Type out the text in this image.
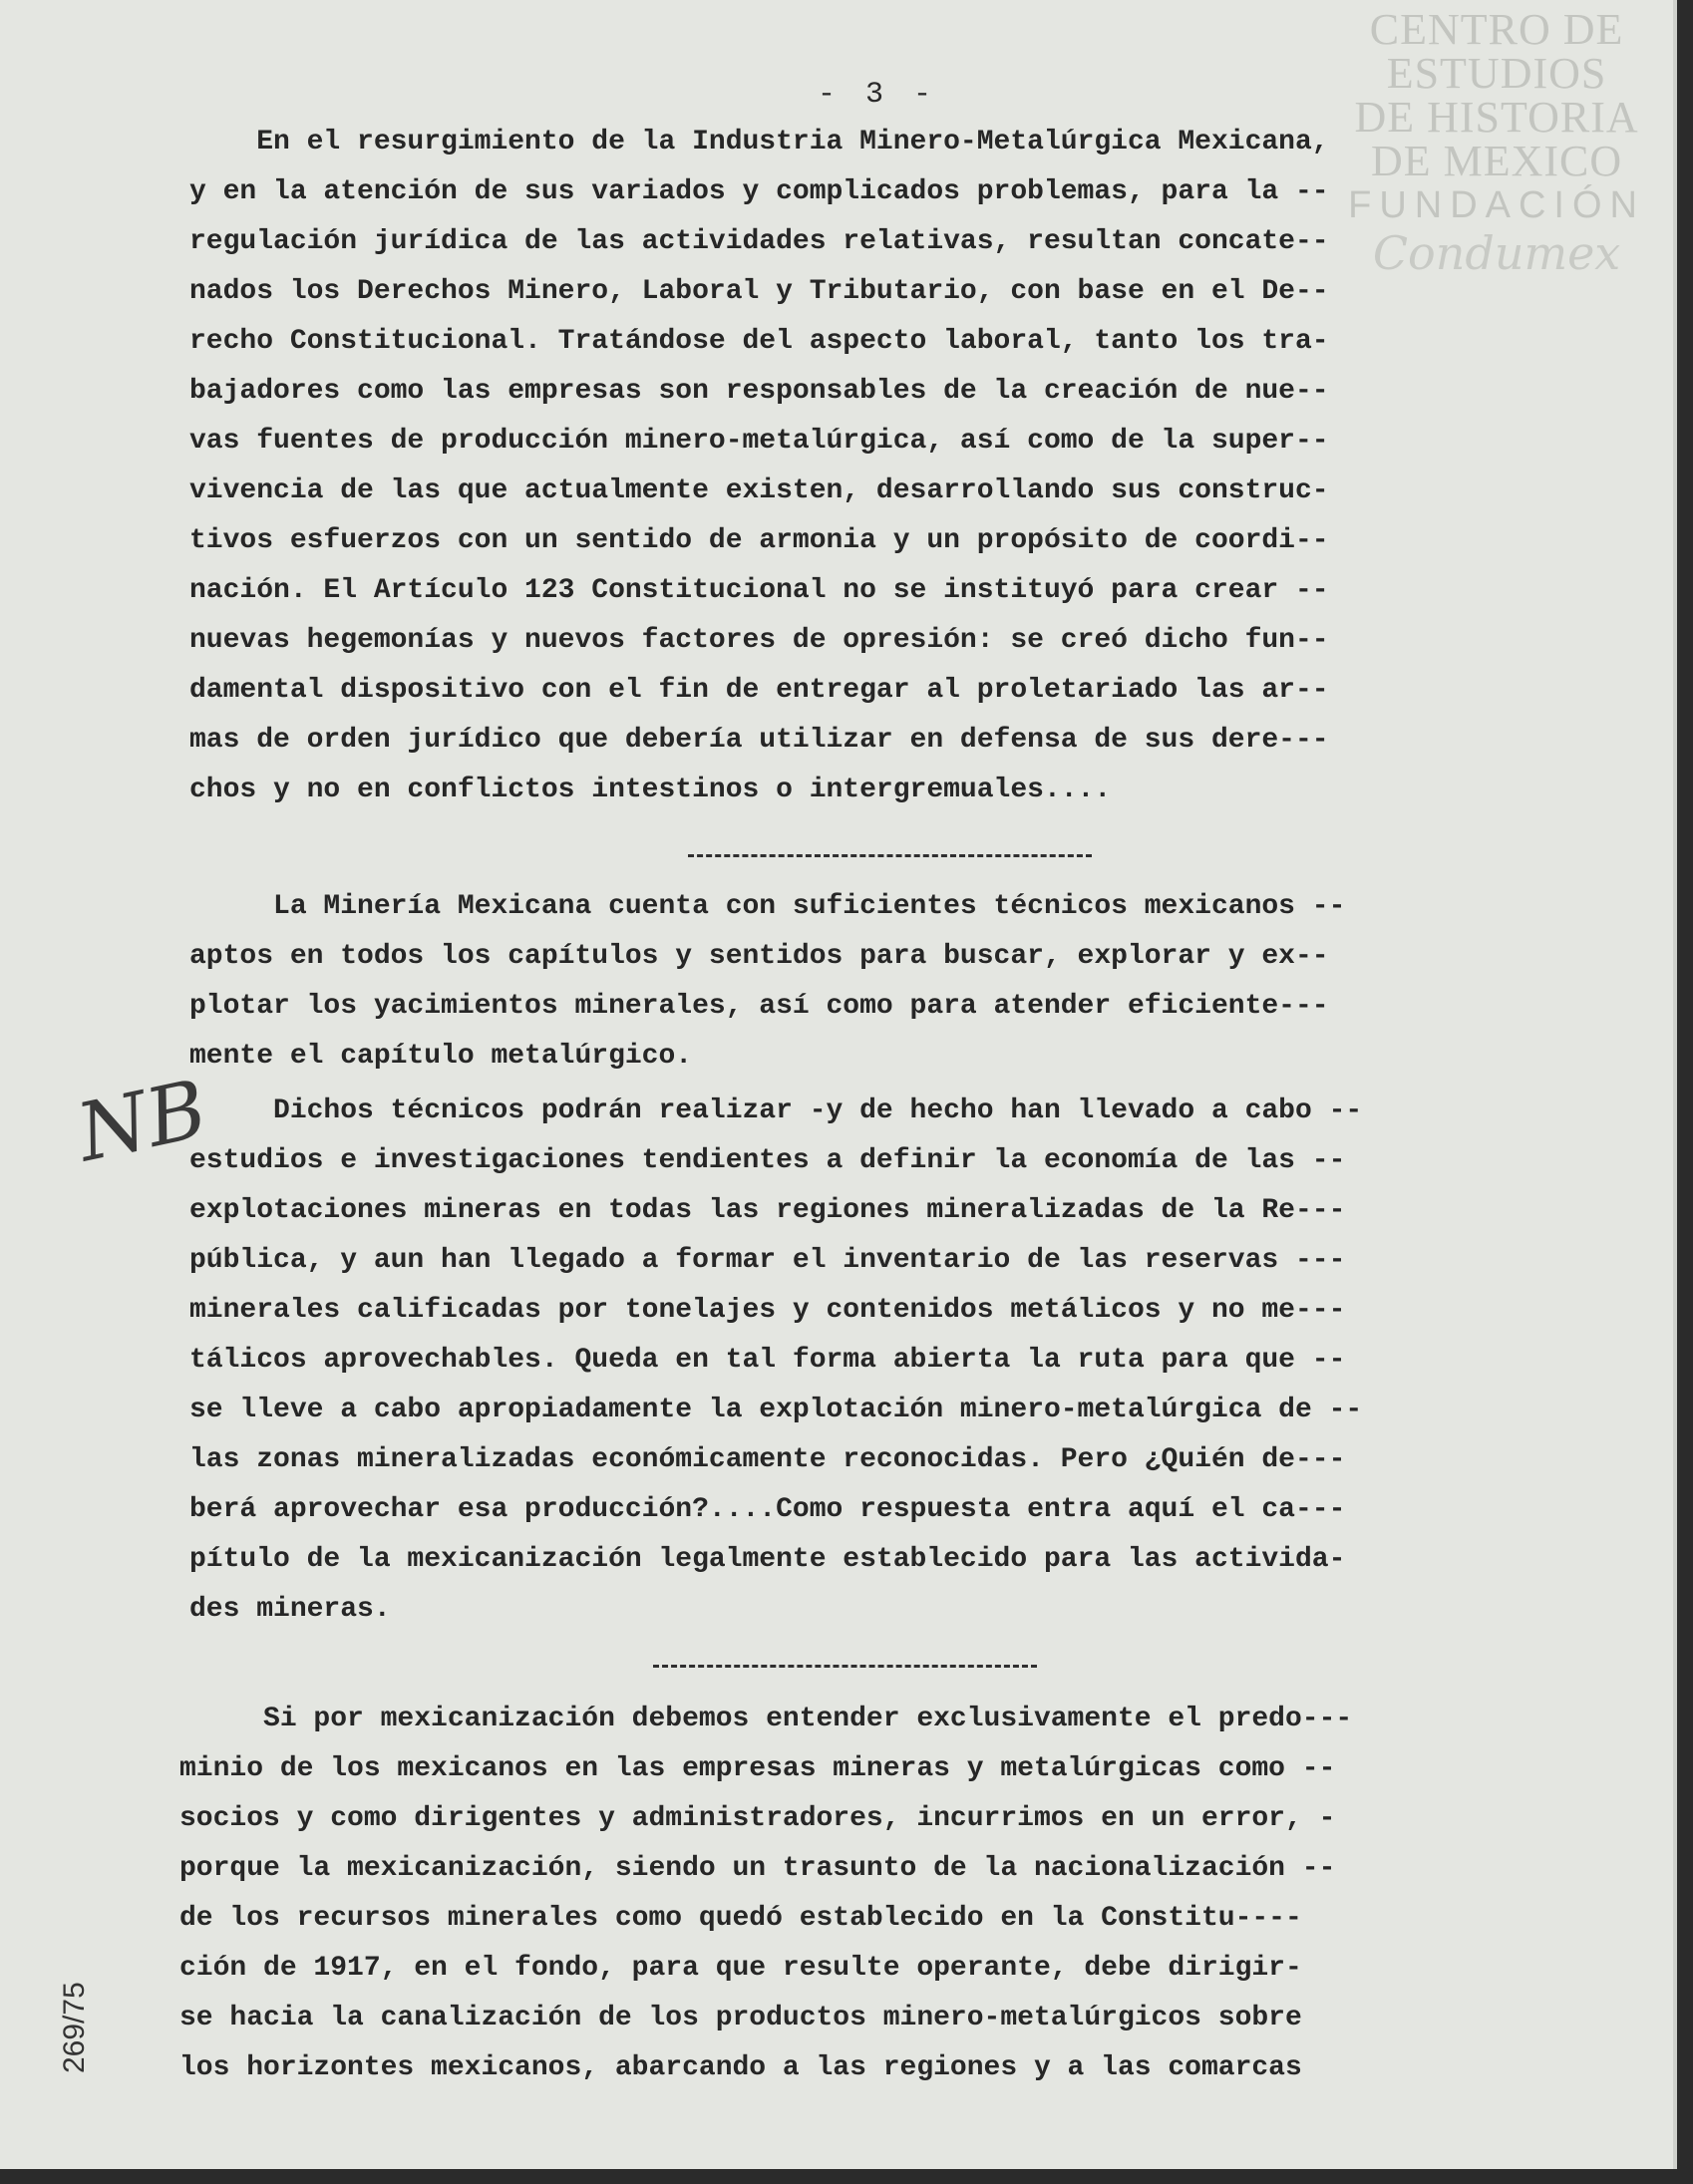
CENTRO DE
ESTUDIOS
DE HISTORIA
DE MEXICO
FUNDACIÓN
Condumex
- 3 -
En el resurgimiento de la Industria Minero-Metalúrgica Mexicana,
y en la atención de sus variados y complicados problemas, para la --
regulación jurídica de las actividades relativas, resultan concate--
nados los Derechos Minero, Laboral y Tributario, con base en el De--
recho Constitucional. Tratándose del aspecto laboral, tanto los tra-
bajadores como las empresas son responsables de la creación de nue--
vas fuentes de producción minero-metalúrgica, así como de la super--
vivencia de las que actualmente existen, desarrollando sus construc-
tivos esfuerzos con un sentido de armonia y un propósito de coordi--
nación. El Artículo 123 Constitucional no se instituyó para crear --
nuevas hegemonías y nuevos factores de opresión: se creó dicho fun--
damental dispositivo con el fin de entregar al proletariado las ar--
mas de orden jurídico que debería utilizar en defensa de sus dere---
chos y no en conflictos intestinos o intergremuales....
La Minería Mexicana cuenta con suficientes técnicos mexicanos --
aptos en todos los capítulos y sentidos para buscar, explorar y ex--
plotar los yacimientos minerales, así como para atender eficiente---
mente el capítulo metalúrgico.
Dichos técnicos podrán realizar -y de hecho han llevado a cabo --
estudios e investigaciones tendientes a definir la economía de las --
explotaciones mineras en todas las regiones mineralizadas de la Re---
pública, y aun han llegado a formar el inventario de las reservas ---
minerales calificadas por tonelajes y contenidos metálicos y no me---
tálicos aprovechables. Queda en tal forma abierta la ruta para que --
se lleve a cabo apropiadamente la explotación minero-metalúrgica de --
las zonas mineralizadas económicamente reconocidas. Pero ¿Quién de---
berá aprovechar esa producción?....Como respuesta entra aquí el ca---
pítulo de la mexicanización legalmente establecido para las activida-
des mineras.
Si por mexicanización debemos entender exclusivamente el predo---
minio de los mexicanos en las empresas mineras y metalúrgicas como --
socios y como dirigentes y administradores, incurrimos en un error, -
porque la mexicanización, siendo un trasunto de la nacionalización --
de los recursos minerales como quedó establecido en la Constitu----
ción de 1917, en el fondo, para que resulte operante, debe dirigir-
se hacia la canalización de los productos minero-metalúrgicos sobre
los horizontes mexicanos, abarcando a las regiones y a las comarcas
NB
269/75
